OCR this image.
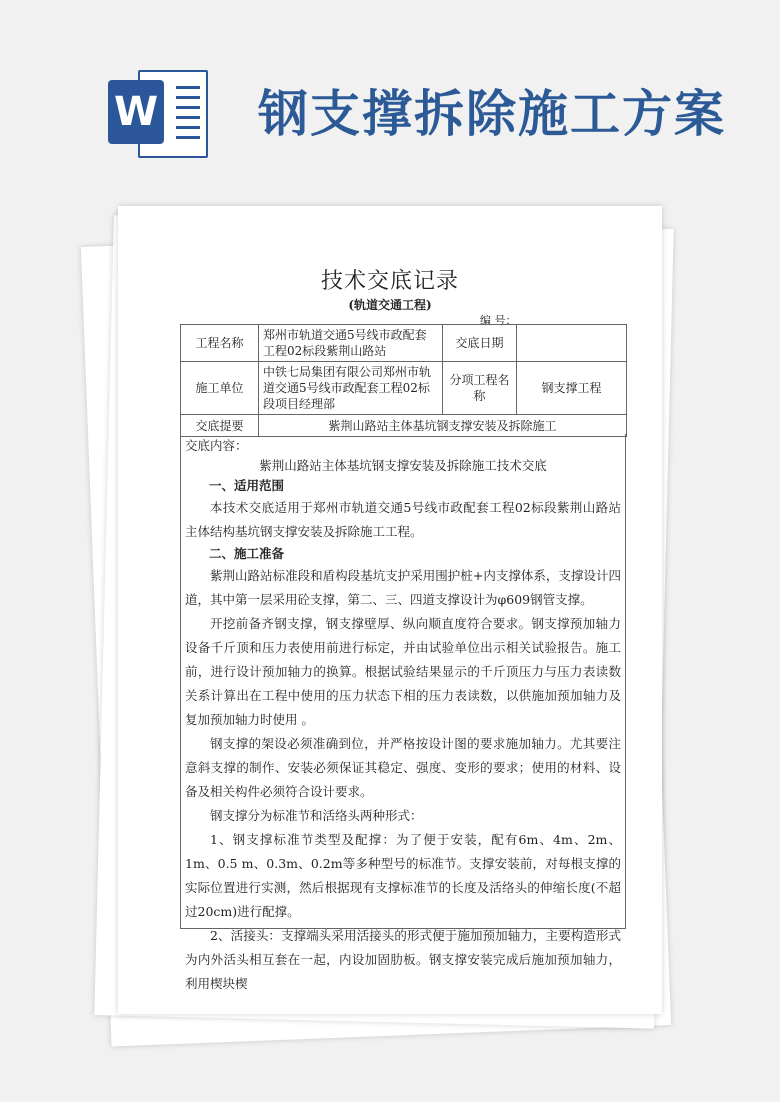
W 钢支撑拆除施工方案
技术交底记录
(轨道交通工程)
编 号：
工程名称	郑州市轨道交通5号线市政配套工程02标段紫荆山路站	交底日期	
施工单位	中铁七局集团有限公司郑州市轨道交通5号线市政配套工程02标段项目经理部	分项工程名称	钢支撑工程
交底提要	紫荆山路站主体基坑钢支撑安装及拆除施工		

交底内容：

紫荆山路站主体基坑钢支撑安装及拆除施工技术交底

一、适用范围

本技术交底适用于郑州市轨道交通5号线市政配套工程02标段紫荆山路站主体结构基坑钢支撑安装及拆除施工工程。

二、施工准备

紫荆山路站标准段和盾构段基坑支护采用围护桩+内支撑体系，支撑设计四道，其中第一层采用砼支撑，第二、三、四道支撑设计为φ609钢管支撑。

开挖前备齐钢支撑，钢支撑壁厚、纵向顺直度符合要求。钢支撑预加轴力设备千斤顶和压力表使用前进行标定，并由试验单位出示相关试验报告。施工前，进行设计预加轴力的换算。根据试验结果显示的千斤顶压力与压力表读数关系计算出在工程中使用的压力状态下相的压力表读数，以供施加预加轴力及复加预加轴力时使用 。

钢支撑的架设必须准确到位，并严格按设计图的要求施加轴力。尤其要注意斜支撑的制作、安装必须保证其稳定、强度、变形的要求；使用的材料、设备及相关构件必须符合设计要求。

钢支撑分为标准节和活络头两种形式：

1、钢支撑标准节类型及配撑：为了便于安装，配有6m、4m、2m、1m、0.5 m、0.3m、0.2m等多种型号的标准节。支撑安装前，对每根支撑的实际位置进行实测，然后根据现有支撑标准节的长度及活络头的伸缩长度(不超过20cm)进行配撑。

2、活接头：支撑端头采用活接头的形式便于施加预加轴力，主要构造形式为内外活头相互套在一起，内设加固肋板。钢支撑安装完成后施加预加轴力，利用楔块楔
